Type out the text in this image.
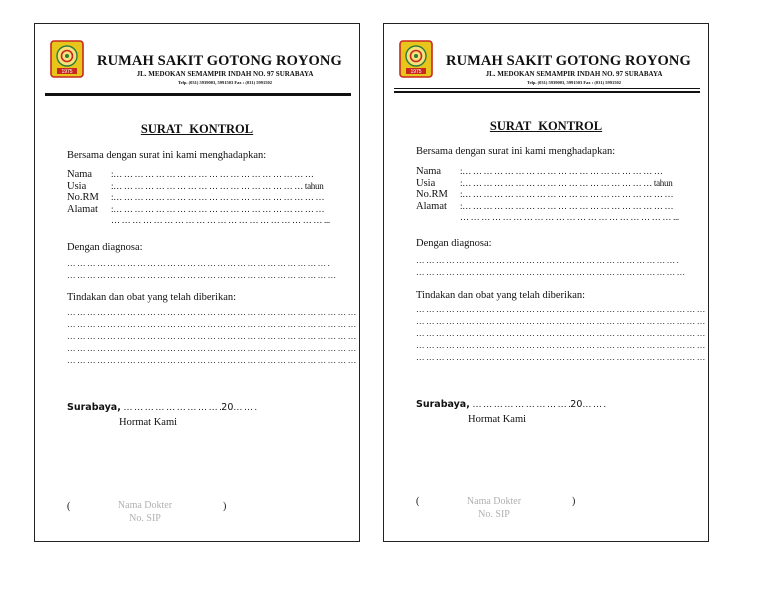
1975
RUMAH SAKIT GOTONG ROYONG
JL. MEDOKAN SEMAMPIR INDAH NO. 97 SURABAYA
Telp. (031) 5939003, 5991503 Fax : (031) 5991502
SURAT KONTROL
Bersama dengan surat ini kami menghadapkan:
Nama :… … … … … … … … … … … … … … … … … … …
Usia	:… … … … … … … … … … … … … … … … … … tahun
No.RM :… … … … … … … … … … … … … … … … … … … …
Alamat :… … … … … … … … … … … … … … … … … … … …
… … … … … … … … … … … … … … … … … … … … ...
Dengan diagnosa:
… … … … … … … … … … … … … … … … … … … … … … … … … … .
… … … … … … … … … … … … … … … … … … … … … … … … … … …
Tindakan dan obat yang telah diberikan:
… … … … … … … … … … … … … … … … … … … … … … … … … … … … …
… … … … … … … … … … … … … … … … … … … … … … … … … … … … …
… … … … … … … … … … … … … … … … … … … … … … … … … … … … …
… … … … … … … … … … … … … … … … … … … … … … … … … … … … …
… … … … … … … … … … … … … … … … … … … … … … … … … … … … …
Surabaya, … … … … … … … … … .20… … .
Hormat Kami
(	Nama Dokter
No. SIP
)
1975
RUMAH SAKIT GOTONG ROYONG
JL. MEDOKAN SEMAMPIR INDAH NO. 97 SURABAYA
Telp. (031) 5939003, 5991503 Fax : (031) 5991502
SURAT KONTROL
Bersama dengan surat ini kami menghadapkan:
Nama :… … … … … … … … … … … … … … … … … … …
Usia	:… … … … … … … … … … … … … … … … … … tahun
No.RM :… … … … … … … … … … … … … … … … … … … …
Alamat :… … … … … … … … … … … … … … … … … … … …
… … … … … … … … … … … … … … … … … … … … ...
Dengan diagnosa:
… … … … … … … … … … … … … … … … … … … … … … … … … … .
… … … … … … … … … … … … … … … … … … … … … … … … … … …
Tindakan dan obat yang telah diberikan:
… … … … … … … … … … … … … … … … … … … … … … … … … … … … …
… … … … … … … … … … … … … … … … … … … … … … … … … … … … …
… … … … … … … … … … … … … … … … … … … … … … … … … … … … …
… … … … … … … … … … … … … … … … … … … … … … … … … … … … …
… … … … … … … … … … … … … … … … … … … … … … … … … … … … …
Surabaya, … … … … … … … … … .20… … .
Hormat Kami
(	Nama Dokter
No. SIP
)
